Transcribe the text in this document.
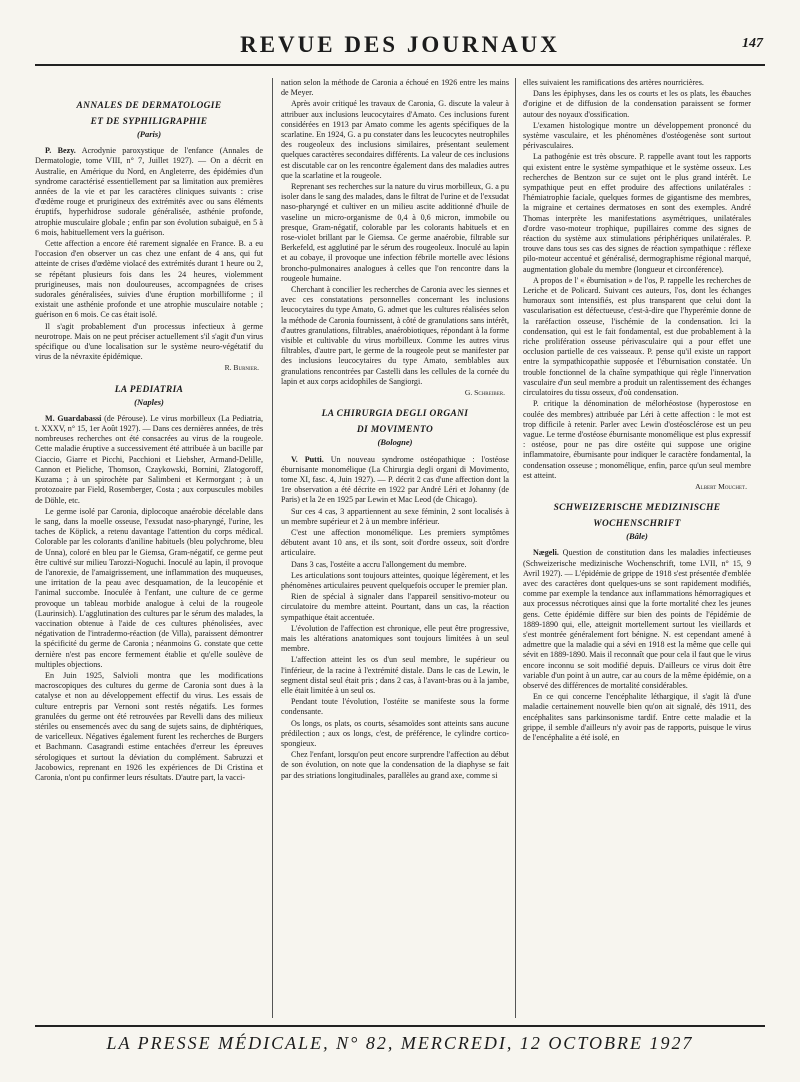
REVUE DES JOURNAUX	147
ANNALES DE DERMATOLOGIE
ET DE SYPHILIGRAPHIE
(Paris)

P. Bezy. Acrodynie paroxystique de l'enfance (Annales de Dermatologie, tome VIII, n° 7, Juillet 1927). — On a décrit en Australie, en Amérique du Nord, en Angleterre, des épidémies d'un syndrome caractérisé essentiellement par sa limitation aux premières années de la vie et par les caractères cliniques suivants : crise d'œdème rouge et prurigineux des extrémités avec ou sans éléments éruptifs, hyperhidrose sudorale généralisée, asthénie profonde, atrophie musculaire globale ; enfin par son évolution subaiguë, en 5 à 6 mois, habituellement vers la guérison.

Cette affection a encore été rarement signalée en France. B. a eu l'occasion d'en observer un cas chez une enfant de 4 ans, qui fut atteinte de crises d'œdème violacé des extrémités durant 1 heure ou 2, se répétant plusieurs fois dans les 24 heures, violemment prurigineuses, mais non douloureuses, accompagnées de crises sudorales généralisées, suivies d'une éruption morbilliforme ; il existait une asthénie profonde et une atrophie musculaire notable ; guérison en 6 mois. Ce cas était isolé.

Il s'agit probablement d'un processus infectieux à germe neurotrope. Mais on ne peut préciser actuellement s'il s'agit d'un virus spécifique ou d'une localisation sur le système neuro-végétatif du virus de la névraxite épidémique.

R. Burnier.
LA PEDIATRIA
(Naples)

M. Guardabassi (de Pérouse). Le virus morbilleux (La Pediatria, t. XXXV, n° 15, 1er Août 1927). — Dans ces dernières années, de très nombreuses recherches ont été consacrées au virus de la rougeole. Cette maladie éruptive a successivement été attribuée à un bacille par Ciaccio, Giarre et Picchi, Pacchioni et Liebsher, Armand-Delille, Cannon et Pieliche, Thomson, Czaykowski, Bornini, Zlatogoroff, Kuzama ; à un spirochète par Salimbeni et Kermorgant ; à un protozoaire par Field, Rosemberger, Costa ; aux corpuscules mobiles de Döhle, etc.

Le germe isolé par Caronia, diplocoque anaérobie décelable dans le sang, dans la moelle osseuse, l'exsudat naso-pharyngé, l'urine, les taches de Köplick, a retenu davantage l'attention du corps médical. Colorable par les colorants d'aniline habituels (bleu polychrome, bleu de Unna), coloré en bleu par le Giemsa, Gram-négatif, ce germe peut être cultivé sur milieu Tarozzi-Noguchi. Inoculé au lapin, il provoque de l'anorexie, de l'amaigrissement, une inflammation des muqueuses, une irritation de la peau avec desquamation, de la leucopénie et l'animal succombe. Inoculée à l'enfant, une culture de ce germe provoque un tableau morbide analogue à celui de la rougeole (Laurinsich). L'agglutination des cultures par le sérum des malades, la vaccination obtenue à l'aide de ces cultures phénolisées, avec négativation de l'intradermo-réaction (de Villa), paraissent démontrer la spécificité du germe de Caronia ; néanmoins G. constate que cette dernière n'est pas encore fermement établie et qu'elle soulève de multiples objections.

En Juin 1925, Salvioli montra que les modifications macroscopiques des cultures du germe de Caronia sont dues à la catalyse et non au développement effectif du virus. Les essais de culture entrepris par Vernoni sont restés négatifs. Les formes granulées du germe ont été retrouvées par Revelli dans des milieux stériles ou ensemencés avec du sang de sujets sains, de diphtériques, de varicelleux. Négatives également furent les recherches de Burgers et Bachmann. Casagrandi estime entachées d'erreur les épreuves sérologiques et surtout la déviation du complément. Sabruzzi et Jacobowics, reprenant en 1926 les expériences de Di Cristina et Caronia, n'ont pu confirmer leurs résultats. D'autre part, la vacci-

nation selon la méthode de Caronia a échoué en 1926 entre les mains de Meyer.

Après avoir critiqué les travaux de Caronia, G. discute la valeur à attribuer aux inclusions leucocytaires d'Amato. Ces inclusions furent considérées en 1913 par Amato comme les agents spécifiques de la scarlatine. En 1924, G. a pu constater dans les leucocytes neutrophiles des rougeoleux des inclusions similaires, présentant seulement quelques caractères secondaires différents. La valeur de ces inclusions est discutable car on les rencontre également dans des maladies autres que la scarlatine et la rougeole.

Reprenant ses recherches sur la nature du virus morbilleux, G. a pu isoler dans le sang des malades, dans le filtrat de l'urine et de l'exsudat naso-pharyngé et cultiver en un milieu ascite additionné d'huile de vaseline un micro-organisme de 0,4 à 0,6 micron, immobile ou presque, Gram-négatif, colorable par les colorants habituels et en rose-violet brillant par le Giemsa. Ce germe anaérobie, filtrable sur Berkefeld, est agglutiné par le sérum des rougeoleux. Inoculé au lapin et au cobaye, il provoque une infection fébrile mortelle avec lésions broncho-pulmonaires analogues à celles que l'on rencontre dans la rougeole humaine.

Cherchant à concilier les recherches de Caronia avec les siennes et avec ces constatations personnelles concernant les inclusions leucocytaires du type Amato, G. admet que les cultures réalisées selon la méthode de Caronia fournissent, à côté de granulations sans intérêt, d'autres granulations, filtrables, anaérobiotiques, répondant à la forme visible et cultivable du virus morbilleux. Comme les autres virus filtrables, d'autre part, le germe de la rougeole peut se manifester par des inclusions leucocytaires du type Amato, semblables aux granulations rencontrées par Castelli dans les cellules de la cornée du lapin et aux corps acidophiles de Sangiorgi.

G. Schreiber.
LA CHIRURGIA DEGLI ORGANI
DI MOVIMENTO
(Bologne)

V. Putti. Un nouveau syndrome ostéopathique : l'ostéose éburnisante monomélique (La Chirurgia degli organi di Movimento, tome XI, fasc. 4, Juin 1927). — P. décrit 2 cas d'une affection dont la 1re observation a été décrite en 1922 par André Léri et Johanny (de Paris) et la 2e en 1925 par Lewin et Mac Leod (de Chicago).

Sur ces 4 cas, 3 appartiennent au sexe féminin, 2 sont localisés à un membre supérieur et 2 à un membre inférieur.

C'est une affection monomélique. Les premiers symptômes débutent avant 10 ans, et ils sont, soit d'ordre osseux, soit d'ordre articulaire.

Dans 3 cas, l'ostéite a accru l'allongement du membre.

Les articulations sont toujours atteintes, quoique légèrement, et les phénomènes articulaires peuvent quelquefois occuper le premier plan.

Rien de spécial à signaler dans l'appareil sensitivo-moteur ou circulatoire du membre atteint. Pourtant, dans un cas, la réaction sympathique était accentuée.

L'évolution de l'affection est chronique, elle peut être progressive, mais les altérations anatomiques sont toujours limitées à un seul membre.

L'affection atteint les os d'un seul membre, le supérieur ou l'inférieur, de la racine à l'extrémité distale. Dans le cas de Lewin, le segment distal seul était pris ; dans 2 cas, à l'avant-bras ou à la jambe, elle était limitée à un seul os.

Pendant toute l'évolution, l'ostéite se manifeste sous la forme condensante.

Os longs, os plats, os courts, sésamoïdes sont atteints sans aucune prédilection ; aux os longs, c'est, de préférence, le cylindre cortico-spongieux.

Chez l'enfant, lorsqu'on peut encore surprendre l'affection au début de son évolution, on note que la condensation de la diaphyse se fait par des striations longitudinales, parallèles au grand axe, comme si

elles suivaient les ramifications des artères nourricières.

Dans les épiphyses, dans les os courts et les os plats, les ébauches d'origine et de diffusion de la condensation paraissent se former autour des noyaux d'ossification.

L'examen histologique montre un développement prononcé du système vasculaire, et les phénomènes d'ostéogenèse sont surtout périvasculaires.

La pathogénie est très obscure. P. rappelle avant tout les rapports qui existent entre le système sympathique et le système osseux. Les recherches de Bentzon sur ce sujet ont le plus grand intérêt. Le sympathique peut en effet produire des affections unilatérales : l'hémiatrophie faciale, quelques formes de gigantisme des membres, la migraine et certaines dermatoses en sont des exemples. André Thomas interprète les manifestations asymétriques, unilatérales d'ordre vaso-moteur trophique, pupillaires comme des signes de réaction du système aux stimulations périphériques unilatérales. P. trouve dans tous ses cas des signes de réaction sympathique : réflexe pilo-moteur accentué et généralisé, dermographisme régional marqué, augmentation globale du membre (longueur et circonférence).

A propos de l' « éburnisation » de l'os, P. rappelle les recherches de Leriche et de Policard. Suivant ces auteurs, l'os, dont les échanges humoraux sont intensifiés, est plus transparent que celui dont la vascularisation est défectueuse, c'est-à-dire que l'hyperémie donne de la raréfaction osseuse, l'ischémie de la condensation. Ici la condensation, qui est le fait fondamental, est due probablement à la riche prolifération osseuse périvasculaire qui a pour effet une occlusion partielle de ces vaisseaux. P. pense qu'il existe un rapport entre la sympathicopathie supposée et l'éburnisation constatée. Un trouble fonctionnel de la chaîne sympathique qui règle l'innervation vasculaire d'un seul membre a produit un ralentissement des échanges circulatoires du tissu osseux, d'où condensation.

P. critique la dénomination de mélorhéostose (hyperostose en coulée des membres) attribuée par Léri à cette affection : le mot est trop difficile à retenir. Parler avec Lewin d'ostéosclérose est un peu vague. Le terme d'ostéose éburnisante monomélique est plus expressif : ostéose, pour ne pas dire ostéite qui suppose une origine inflammatoire, éburnisante pour indiquer le caractère fondamental, la condensation osseuse ; monomélique, enfin, parce qu'un seul membre est atteint.

Albert Mouchet.
SCHWEIZERISCHE MEDIZINISCHE
WOCHENSCHRIFT
(Bâle)

Nægeli. Question de constitution dans les maladies infectieuses (Schweizerische medizinische Wochenschrift, tome LVII, n° 15, 9 Avril 1927). — L'épidémie de grippe de 1918 s'est présentée d'emblée avec des caractères dont quelques-uns se sont rapidement modifiés, comme par exemple la tendance aux inflammations hémorragiques et aux processus nécrotiques ainsi que la forte mortalité chez les jeunes gens. Cette épidémie diffère sur bien des points de l'épidémie de 1889-1890 qui, elle, atteignit mortellement surtout les vieillards et s'est montrée généralement fort bénigne. N. est cependant amené à admettre que la maladie qui a sévi en 1918 est la même que celle qui sévit en 1889-1890. Mais il reconnaît que pour cela il faut que le virus encore inconnu se soit modifié depuis. D'ailleurs ce virus doit être variable d'un point à un autre, car au cours de la même épidémie, on a observé des différences de mortalité considérables.

En ce qui concerne l'encéphalite léthargique, il s'agit là d'une maladie certainement nouvelle bien qu'on ait signalé, dès 1911, des encéphalites sans parkinsonisme tardif. Entre cette maladie et la grippe, il semble d'ailleurs n'y avoir pas de rapports, puisque le virus de l'encéphalite a été isolé, en

LA PRESSE MÉDICALE, N° 82, MERCREDI, 12 OCTOBRE 1927
